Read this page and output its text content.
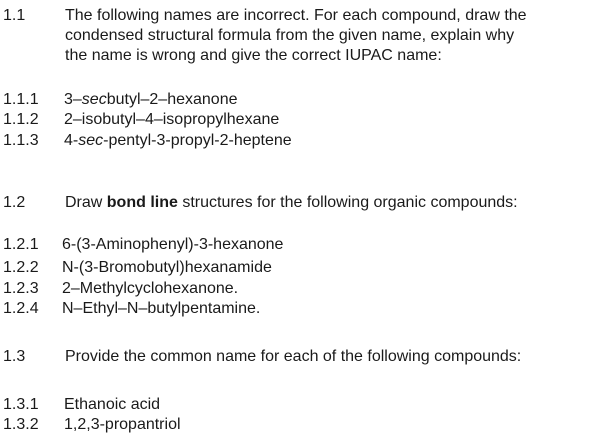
1.1 The following names are incorrect. For each compound, draw the
condensed structural formula from the given name, explain why
the name is wrong and give the correct IUPAC name:
1.1.1 3–secbutyl–2–hexanone
1.1.2 2–isobutyl–4–isopropylhexane
1.1.3 4-sec-pentyl-3-propyl-2-heptene
1.2 Draw bond line structures for the following organic compounds:
1.2.1 6-(3-Aminophenyl)-3-hexanone
1.2.2 N-(3-Bromobutyl)hexanamide
1.2.3 2–Methylcyclohexanone.
1.2.4 N–Ethyl–N–butylpentamine.
1.3 Provide the common name for each of the following compounds:
1.3.1 Ethanoic acid
1.3.2 1,2,3-propantriol
